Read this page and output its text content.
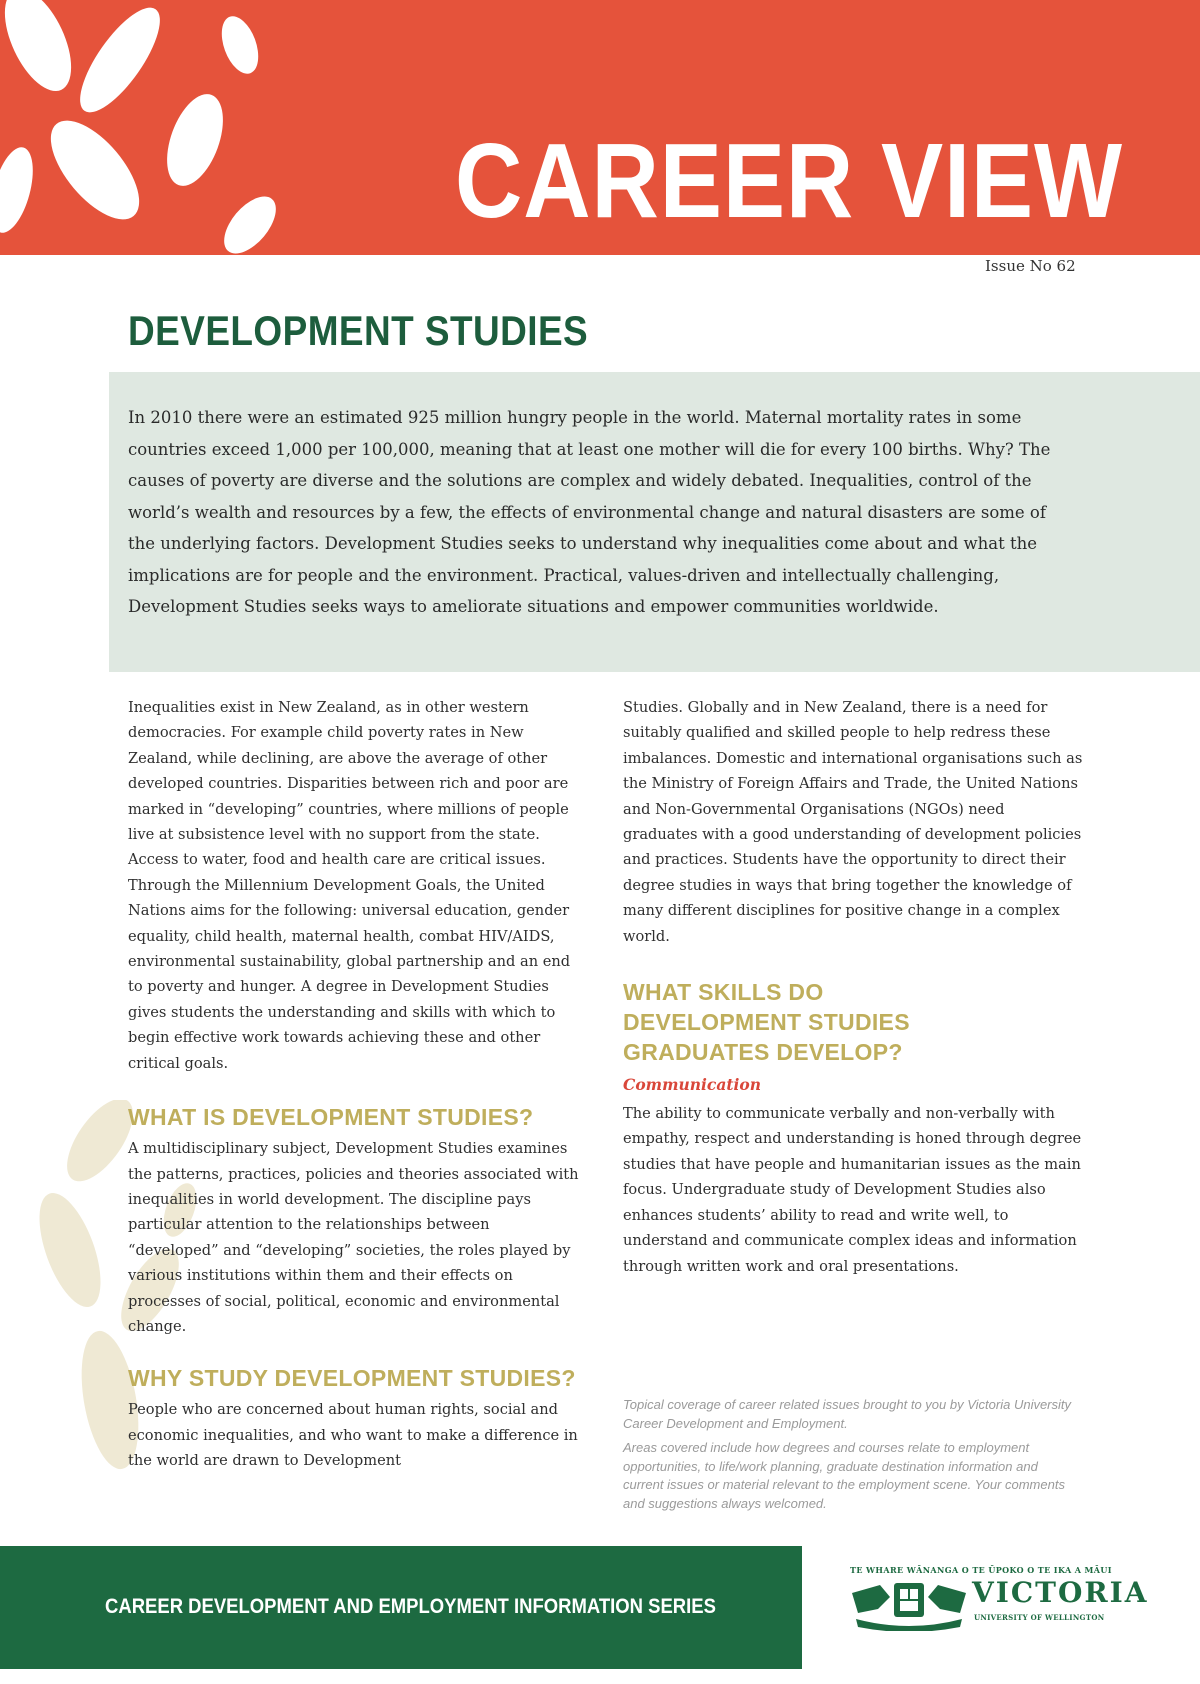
CAREER VIEW
Issue No 62
DEVELOPMENT STUDIES

In 2010 there were an estimated 925 million hungry people in the world. Maternal mortality rates in some countries exceed 1,000 per 100,000, meaning that at least one mother will die for every 100 births. Why? The causes of poverty are diverse and the solutions are complex and widely debated. Inequalities, control of the world’s wealth and resources by a few, the effects of environmental change and natural disasters are some of the underlying factors. Development Studies seeks to understand why inequalities come about and what the implications are for people and the environment. Practical, values-driven and intellectually challenging, Development Studies seeks ways to ameliorate situations and empower communities worldwide.

Inequalities exist in New Zealand, as in other western democracies. For example child poverty rates in New Zealand, while declining, are above the average of other developed countries. Disparities between rich and poor are marked in “developing” countries, where millions of people live at subsistence level with no support from the state. Access to water, food and health care are critical issues. Through the Millennium Development Goals, the United Nations aims for the following: universal education, gender equality, child health, maternal health, combat HIV/AIDS, environmental sustainability, global partnership and an end to poverty and hunger. A degree in Development Studies gives students the understanding and skills with which to begin effective work towards achieving these and other critical goals.

WHAT IS DEVELOPMENT STUDIES?

A multidisciplinary subject, Development Studies examines the patterns, practices, policies and theories associated with inequalities in world development. The discipline pays particular attention to the relationships between “developed” and “developing” societies, the roles played by various institutions within them and their effects on processes of social, political, economic and environmental change.

WHY STUDY DEVELOPMENT STUDIES?

People who are concerned about human rights, social and economic inequalities, and who want to make a difference in the world are drawn to Development

Studies. Globally and in New Zealand, there is a need for suitably qualified and skilled people to help redress these imbalances. Domestic and international organisations such as the Ministry of Foreign Affairs and Trade, the United Nations and Non-Governmental Organisations (NGOs) need graduates with a good understanding of development policies and practices. Students have the opportunity to direct their degree studies in ways that bring together the knowledge of many different disciplines for positive change in a complex world.

WHAT SKILLS DO DEVELOPMENT STUDIES GRADUATES DEVELOP?

Communication

The ability to communicate verbally and non-verbally with empathy, respect and understanding is honed through degree studies that have people and humanitarian issues as the main focus. Undergraduate study of Development Studies also enhances students’ ability to read and write well, to understand and communicate complex ideas and information through written work and oral presentations.

Topical coverage of career related issues brought to you by Victoria University Career Development and Employment.

Areas covered include how degrees and courses relate to employment opportunities, to life/work planning, graduate destination information and current issues or material relevant to the employment scene. Your comments and suggestions always welcomed.

CAREER DEVELOPMENT AND EMPLOYMENT INFORMATION SERIES

TE WHARE WĀNANGA O TE ŪPOKO O TE IKA A MĀUI
VICTORIA
UNIVERSITY OF WELLINGTON
